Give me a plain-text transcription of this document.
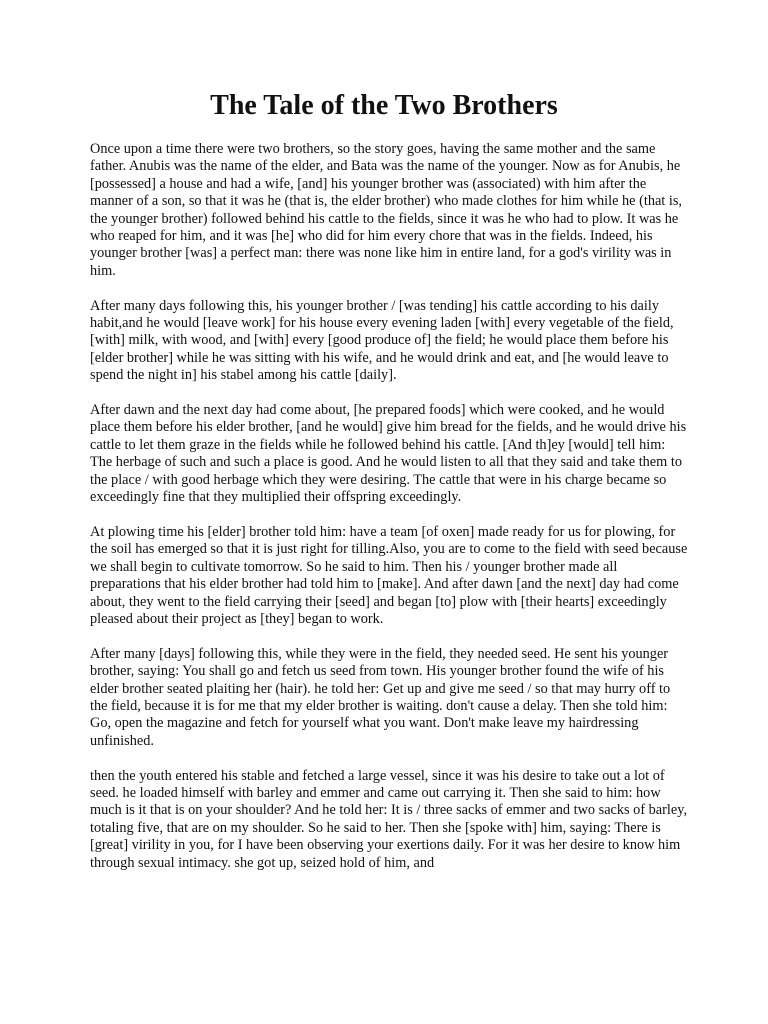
The Tale of the Two Brothers

Once upon a time there were two brothers, so the story goes, having the same mother and the same father. Anubis was the name of the elder, and Bata was the name of the younger. Now as for Anubis, he [possessed] a house and had a wife, [and] his younger brother was (associated) with him after the manner of a son, so that it was he (that is, the elder brother) who made clothes for him while he (that is, the younger brother) followed behind his cattle to the fields, since it was he who had to plow. It was he who reaped for him, and it was [he] who did for him every chore that was in the fields. Indeed, his younger brother [was] a perfect man: there was none like him in entire land, for a god's virility was in him.

After many days following this, his younger brother / [was tending] his cattle according to his daily habit,and he would [leave work] for his house every evening laden [with] every vegetable of the field, [with] milk, with wood, and [with] every [good produce of] the field; he would place them before his [elder brother] while he was sitting with his wife, and he would drink and eat, and [he would leave to spend the night in] his stabel among his cattle [daily].

After dawn and the next day had come about, [he prepared foods] which were cooked, and he would place them before his elder brother, [and he would] give him bread for the fields, and he would drive his cattle to let them graze in the fields while he followed behind his cattle. [And th]ey [would] tell him: The herbage of such and such a place is good. And he would listen to all that they said and take them to the place / with good herbage which they were desiring. The cattle that were in his charge became so exceedingly fine that they multiplied their offspring exceedingly.

At plowing time his [elder] brother told him: have a team [of oxen] made ready for us for plowing, for the soil has emerged so that it is just right for tilling.Also, you are to come to the field with seed because we shall begin to cultivate tomorrow. So he said to him. Then his / younger brother made all preparations that his elder brother had told him to [make]. And after dawn [and the next] day had come about, they went to the field carrying their [seed] and began [to] plow with [their hearts] exceedingly pleased about their project as [they] began to work.

After many [days] following this, while they were in the field, they needed seed. He sent his younger brother, saying: You shall go and fetch us seed from town. His younger brother found the wife of his elder brother seated plaiting her (hair). he told her: Get up and give me seed / so that may hurry off to the field, because it is for me that my elder brother is waiting. don't cause a delay. Then she told him: Go, open the magazine and fetch for yourself what you want. Don't make leave my hairdressing unfinished.

then the youth entered his stable and fetched a large vessel, since it was his desire to take out a lot of seed. he loaded himself with barley and emmer and came out carrying it. Then she said to him: how much is it that is on your shoulder? And he told her: It is / three sacks of emmer and two sacks of barley, totaling five, that are on my shoulder. So he said to her. Then she [spoke with] him, saying: There is [great] virility in you, for I have been observing your exertions daily. For it was her desire to know him through sexual intimacy. she got up, seized hold of him, and
